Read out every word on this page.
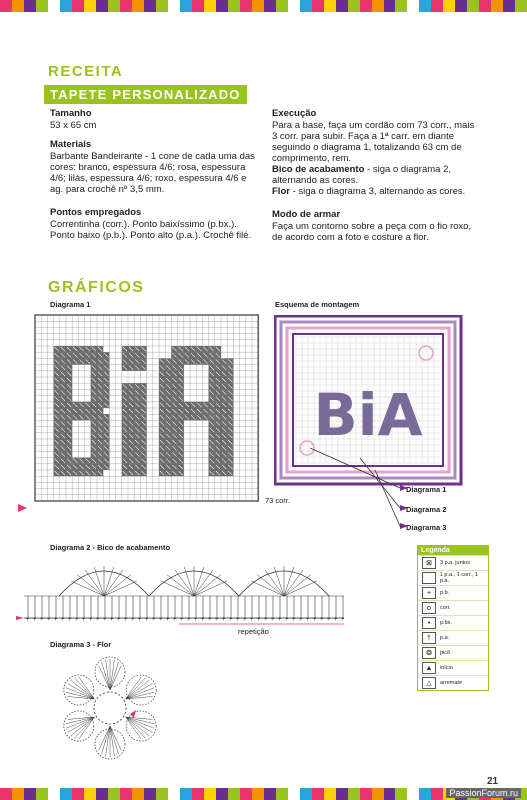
RECEITA
TAPETE PERSONALIZADO
Tamanho

53 x 65 cm

Materiais

Barbante Bandeirante - 1 cone de cada uma das cores: branco, espessura 4/6; rosa, espessura 4/6; lilás, espessura 4/6; roxo, espessura 4/6 e ag. para crochê nº 3,5 mm.

Pontos empregados

Correntinha (corr.). Ponto baixíssimo (p.bx.). Ponto baixo (p.b.). Ponto alto (p.a.). Crochê filé.

Execução

Para a base, faça um cordão com 73 corr., mais 3 corr. para subir. Faça a 1ª carr. em diante seguindo o diagrama 1, totalizando 63 cm de comprimento, rem.

Bico de acabamento - siga o diagrama 2, alternando as cores.

Flor - siga o diagrama 3, alternando as cores.

Modo de armar

Faça um contorno sobre a peça com o fio roxo, de acordo com a foto e costure a flor.

GRÁFICOS
Diagrama 1	Esquema de montagem
73 corr.
BiA
Diagrama 1
Diagrama 2
Diagrama 3
Diagrama 2 - Bico de acabamento
+ + + + + + + + + + + + + + + + + + + + + + + + + + + + + + + + + + + + + + + + + + + + + +
repetição
Diagrama 3 - Flor
Legenda
⊠	3 p.a. juntos
1 p.a., 1 corr., 1 p.a.
+	p.b.
o	corr.
•	p.bx.
†	p.a.
❂	picô
▲	início
△	arremate
21
PassionForum.ru
